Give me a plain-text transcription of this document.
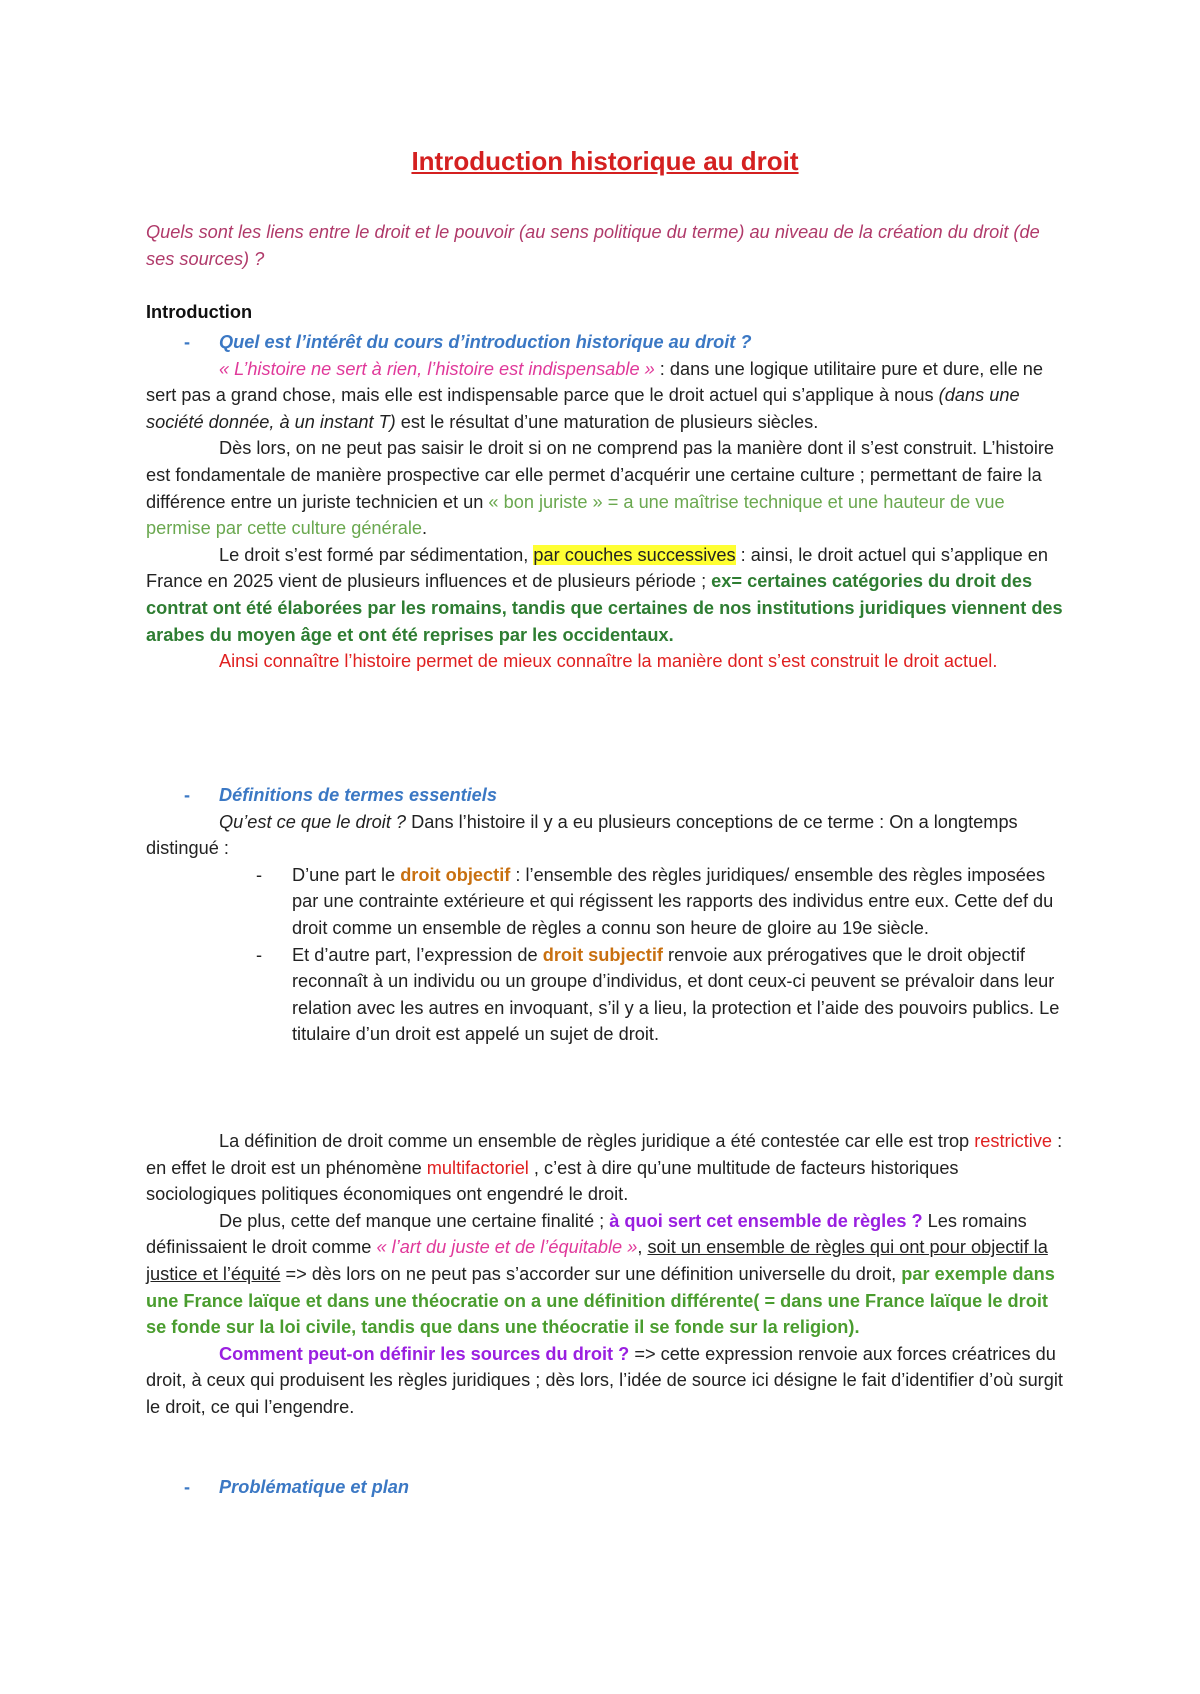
Introduction historique au droit
Quels sont les liens entre le droit et le pouvoir (au sens politique du terme) au niveau de la création du droit (de ses sources) ?
Introduction
- Quel est l’intérêt du cours d’introduction historique au droit ?

« L’histoire ne sert à rien, l’histoire est indispensable » : dans une logique utilitaire pure et dure, elle ne sert pas a grand chose, mais elle est indispensable parce que le droit actuel qui s’applique à nous (dans une société donnée, à un instant T) est le résultat d’une maturation de plusieurs siècles.

Dès lors, on ne peut pas saisir le droit si on ne comprend pas la manière dont il s’est construit. L’histoire est fondamentale de manière prospective car elle permet d’acquérir une certaine culture ; permettant de faire la différence entre un juriste technicien et un « bon juriste » = a une maîtrise technique et une hauteur de vue permise par cette culture générale.

Le droit s’est formé par sédimentation, par couches successives : ainsi, le droit actuel qui s’applique en France en 2025 vient de plusieurs influences et de plusieurs période ; ex= certaines catégories du droit des contrat ont été élaborées par les romains, tandis que certaines de nos institutions juridiques viennent des arabes du moyen âge et ont été reprises par les occidentaux.

Ainsi connaître l’histoire permet de mieux connaître la manière dont s’est construit le droit actuel.

- Définitions de termes essentiels

Qu’est ce que le droit ? Dans l’histoire il y a eu plusieurs conceptions de ce terme : On a longtemps distingué :

- D’une part le droit objectif : l’ensemble des règles juridiques/ ensemble des règles imposées par une contrainte extérieure et qui régissent les rapports des individus entre eux. Cette def du droit comme un ensemble de règles a connu son heure de gloire au 19e siècle.
- Et d’autre part, l’expression de droit subjectif renvoie aux prérogatives que le droit objectif reconnaît à un individu ou un groupe d’individus, et dont ceux-ci peuvent se prévaloir dans leur relation avec les autres en invoquant, s’il y a lieu, la protection et l’aide des pouvoirs publics. Le titulaire d’un droit est appelé un sujet de droit.

La définition de droit comme un ensemble de règles juridique a été contestée car elle est trop restrictive : en effet le droit est un phénomène multifactoriel , c’est à dire qu’une multitude de facteurs historiques sociologiques politiques économiques ont engendré le droit.

De plus, cette def manque une certaine finalité ; à quoi sert cet ensemble de règles ? Les romains définissaient le droit comme « l’art du juste et de l’équitable », soit un ensemble de règles qui ont pour objectif la justice et l’équité => dès lors on ne peut pas s’accorder sur une définition universelle du droit, par exemple dans une France laïque et dans une théocratie on a une définition différente( = dans une France laïque le droit se fonde sur la loi civile, tandis que dans une théocratie il se fonde sur la religion).

Comment peut-on définir les sources du droit ? => cette expression renvoie aux forces créatrices du droit, à ceux qui produisent les règles juridiques ; dès lors, l’idée de source ici désigne le fait d’identifier d’où surgit le droit, ce qui l’engendre.

- Problématique et plan
